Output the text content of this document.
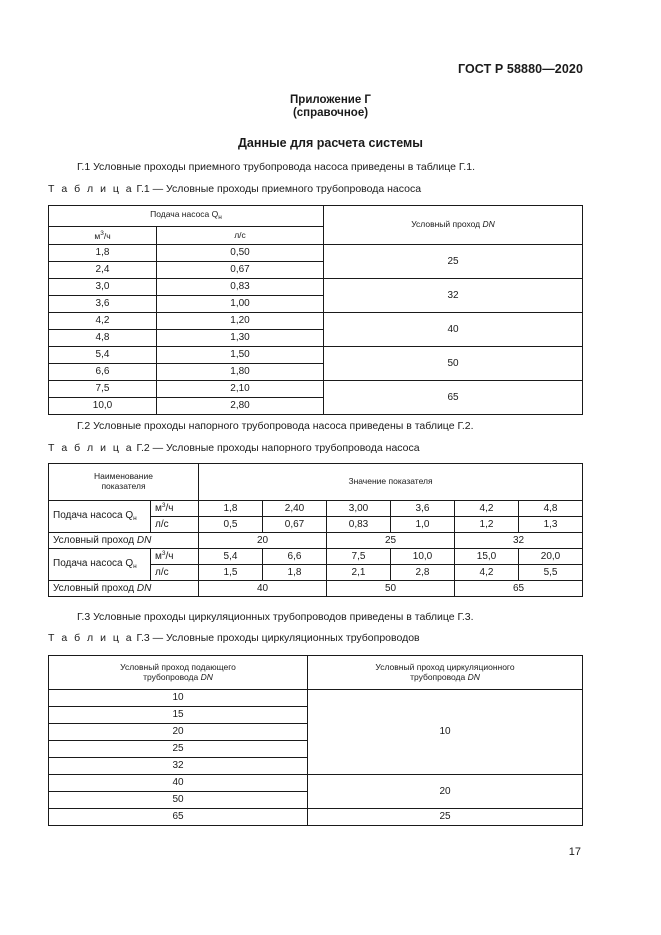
ГОСТ Р 58880—2020
Приложение Г
(справочное)
Данные для расчета системы
Г.1 Условные проходы приемного трубопровода насоса приведены в таблице Г.1.
Т а б л и ц а Г.1 — Условные проходы приемного трубопровода насоса
Подача насоса $Q_н$		Условный проход DN
$м^3/ч$	л/с	
1,8	0,50	25
2,4	0,67	
3,0	0,83	32
3,6	1,00	
4,2	1,20	40
4,8	1,30	
5,4	1,50	50
6,6	1,80	
7,5	2,10	65
10,0	2,80	
Г.2 Условные проходы напорного трубопровода насоса приведены в таблице Г.2.
Т а б л и ц а Г.2 — Условные проходы напорного трубопровода насоса
Наименование
показателя		Значение показателя					
Подача насоса $Q_н$	$м^3/ч$	1,8	2,40	3,00	3,6	4,2	4,8
	л/с	0,5	0,67	0,83	1,0	1,2	1,3
Условный проход DN		20		25		32	
Подача насоса $Q_н$	$м^3/ч$	5,4	6,6	7,5	10,0	15,0	20,0
	л/с	1,5	1,8	2,1	2,8	4,2	5,5
Условный проход DN		40		50		65	
Г.3 Условные проходы циркуляционных трубопроводов приведены в таблице Г.3.
Т а б л и ц а Г.3 — Условные проходы циркуляционных трубопроводов
Условный проход подающего
трубопровода DN	Условный проход циркуляционного
трубопровода DN
10	10
15	
20	
25	
32	
40	20
50	
65	25
17
